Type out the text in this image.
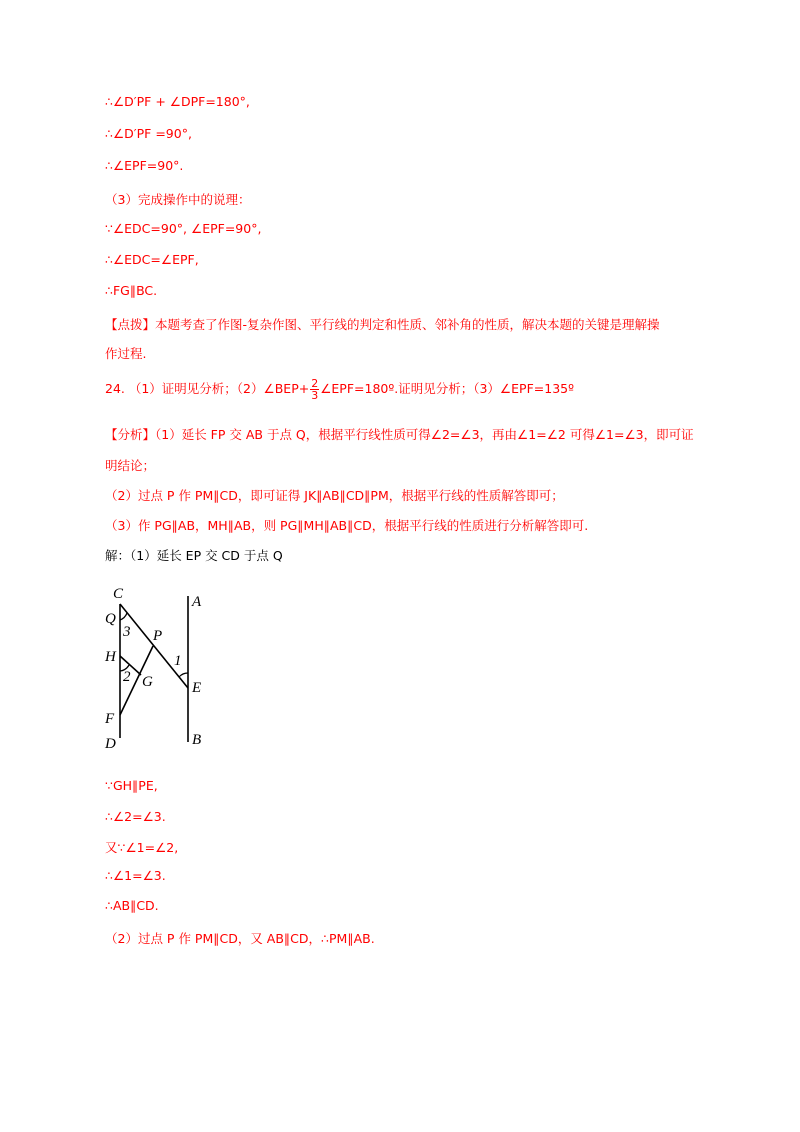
∴∠D′PF + ∠DPF=180°,
∴∠D′PF =90°,
∴∠EPF=90°.
（3）完成操作中的说理：
∵∠EDC=90°, ∠EPF=90°,
∴∠EDC=∠EPF,
∴FG∥BC.
【点拨】本题考查了作图-复杂作图、平行线的判定和性质、邻补角的性质，解决本题的关键是理解操
作过程.
24. （1）证明见分析；（2）∠BEP+ $\frac{2}{3}$ ∠EPF=180º.证明见分析；（3）∠EPF=135º
【分析】（1）延长 FP 交 AB 于点 Q，根据平行线性质可得∠2=∠3，再由∠1=∠2 可得∠1=∠3，即可证
明结论；
（2）过点 P 作 PM∥CD，即可证得 JK∥AB∥CD∥PM，根据平行线的性质解答即可；
（3）作 PG∥AB，MH∥AB，则 PG∥MH∥AB∥CD，根据平行线的性质进行分析解答即可.
解：（1）延长 EP 交 CD 于点 Q
C
Q
3 P
A
H	1
2 G	E
F
D	B
∵GH∥PE,
∴∠2=∠3.
又∵∠1=∠2,
∴∠1=∠3.
∴AB∥CD.
（2）过点 P 作 PM∥CD，又 AB∥CD，∴PM∥AB.
